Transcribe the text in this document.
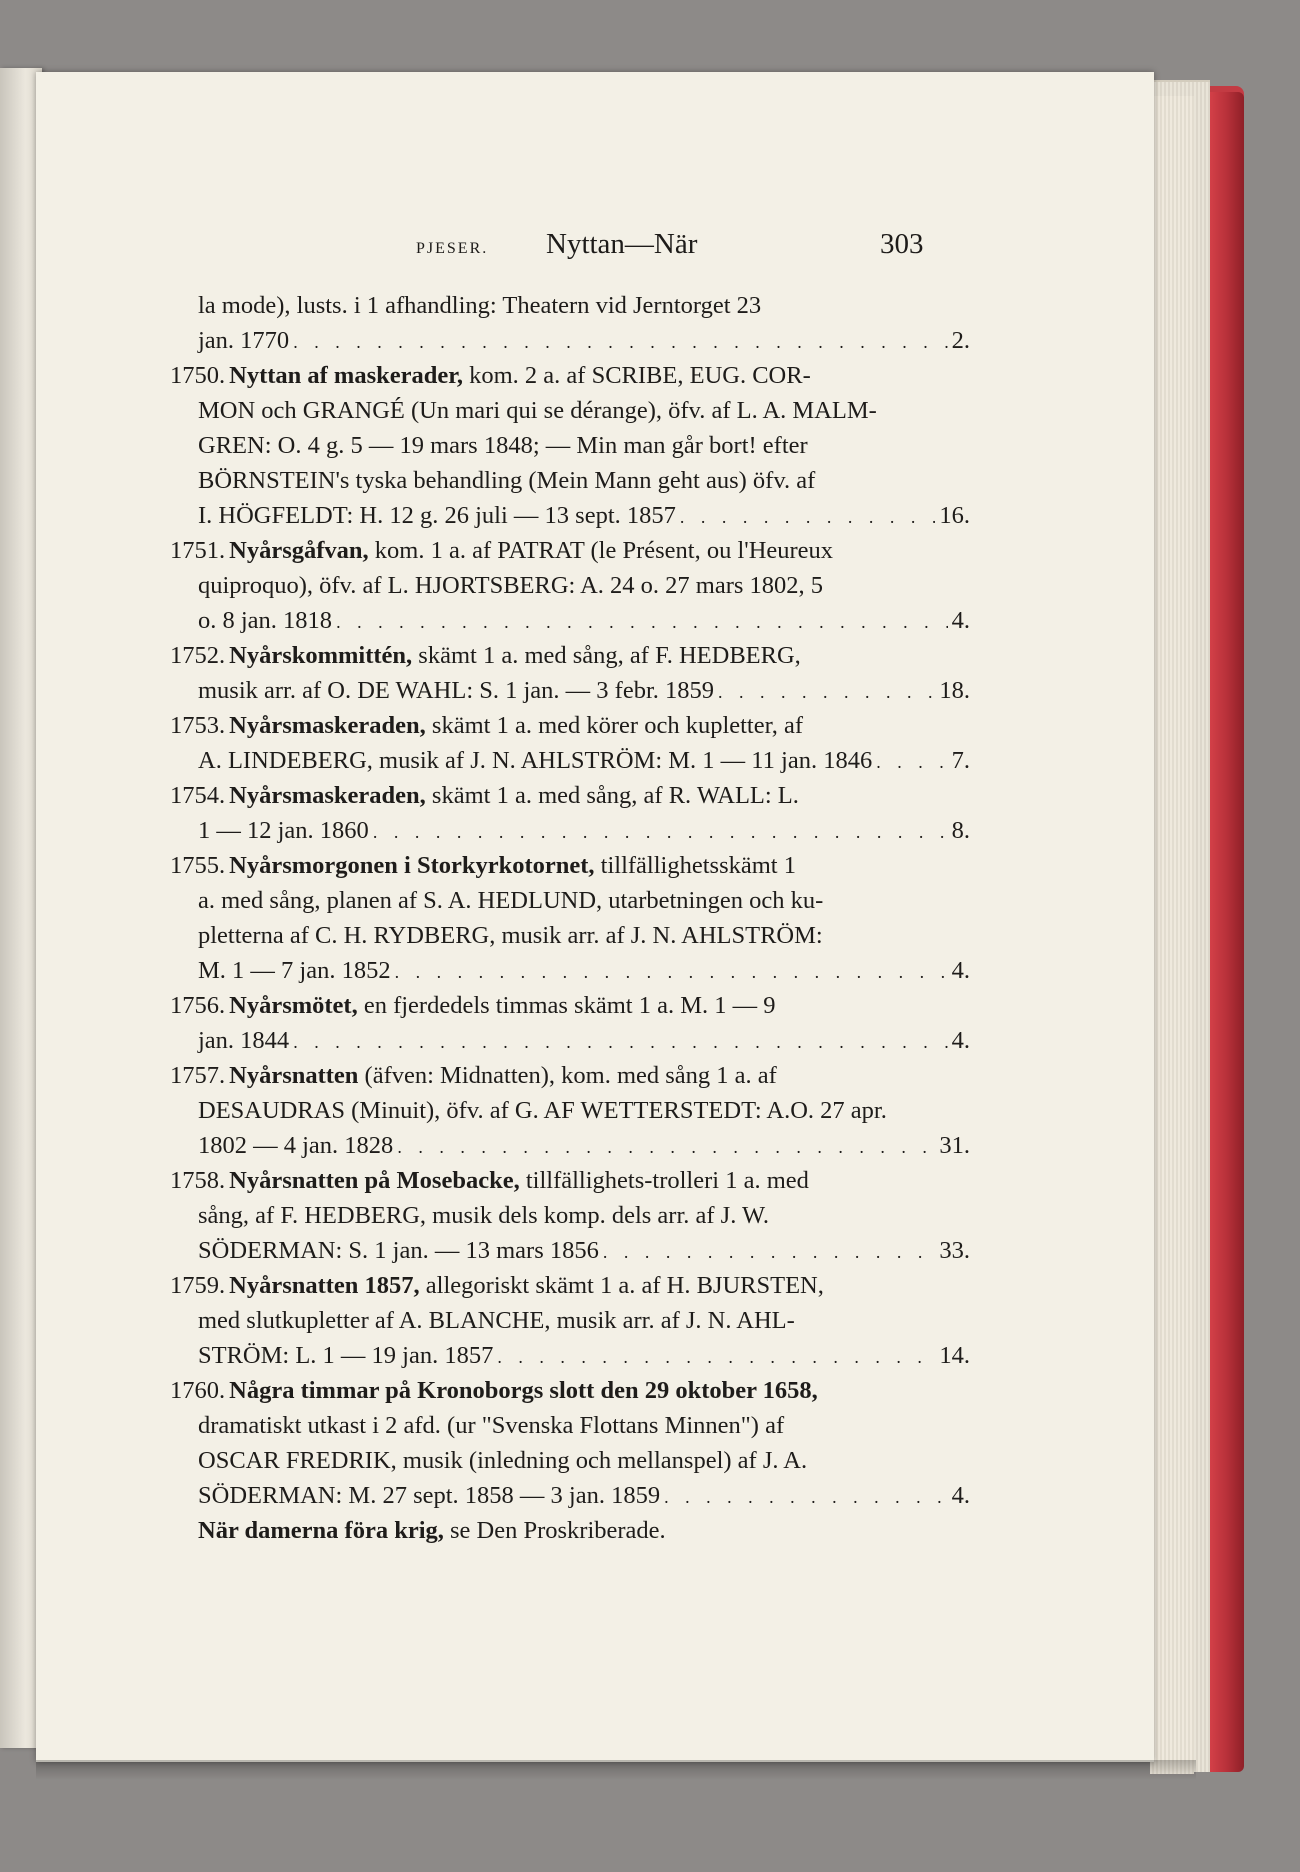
PJESER. Nyttan—När	303
la mode), lusts. i 1 afhandling: Theatern vid Jerntorget 23
jan. 1770 . . .	2.
1750. Nyttan af maskerader, kom. 2 a. af SCRIBE, EUG. COR-
MON och GRANGÉ (Un mari qui se dérange), öfv. af L. A. MALM-
GREN: O. 4 g. 5 — 19 mars 1848; — Min man går bort! efter
BÖRNSTEIN's tyska behandling (Mein Mann geht aus) öfv. af
I. HÖGFELDT: H. 12 g. 26 juli — 13 sept. 1857 . . .	16.
1751. Nyårsgåfvan, kom. 1 a. af PATRAT (le Présent, ou l'Heureux
quiproquo), öfv. af L. HJORTSBERG: A. 24 o. 27 mars 1802, 5
o. 8 jan. 1818 . . .	4.
1752. Nyårskommittén, skämt 1 a. med sång, af F. HEDBERG,
musik arr. af O. DE WAHL: S. 1 jan. — 3 febr. 1859 . . .	18.
1753. Nyårsmaskeraden, skämt 1 a. med körer och kupletter, af
A. LINDEBERG, musik af J. N. AHLSTRÖM: M. 1 — 11 jan. 1846 . . .	7.
1754. Nyårsmaskeraden, skämt 1 a. med sång, af R. WALL: L.
1 — 12 jan. 1860 . . .	8.
1755. Nyårsmorgonen i Storkyrkotornet, tillfällighetsskämt 1
a. med sång, planen af S. A. HEDLUND, utarbetningen och ku-
pletterna af C. H. RYDBERG, musik arr. af J. N. AHLSTRÖM:
M. 1 — 7 jan. 1852 . . .	4.
1756. Nyårsmötet, en fjerdedels timmas skämt 1 a. M. 1 — 9
jan. 1844 . . .	4.
1757. Nyårsnatten (äfven: Midnatten), kom. med sång 1 a. af
DESAUDRAS (Minuit), öfv. af G. AF WETTERSTEDT: A.O. 27 apr.
1802 — 4 jan. 1828 . . .	31.
1758. Nyårsnatten på Mosebacke, tillfällighets-trolleri 1 a. med
sång, af F. HEDBERG, musik dels komp. dels arr. af J. W.
SÖDERMAN: S. 1 jan. — 13 mars 1856 . . .	33.
1759. Nyårsnatten 1857, allegoriskt skämt 1 a. af H. BJURSTEN,
med slutkupletter af A. BLANCHE, musik arr. af J. N. AHL-
STRÖM: L. 1 — 19 jan. 1857 . . .	14.
1760. Några timmar på Kronoborgs slott den 29 oktober 1658,
dramatiskt utkast i 2 afd. (ur "Svenska Flottans Minnen") af
OSCAR FREDRIK, musik (inledning och mellanspel) af J. A.
SÖDERMAN: M. 27 sept. 1858 — 3 jan. 1859 . . .	4.
När damerna föra krig, se Den Proskriberade.
